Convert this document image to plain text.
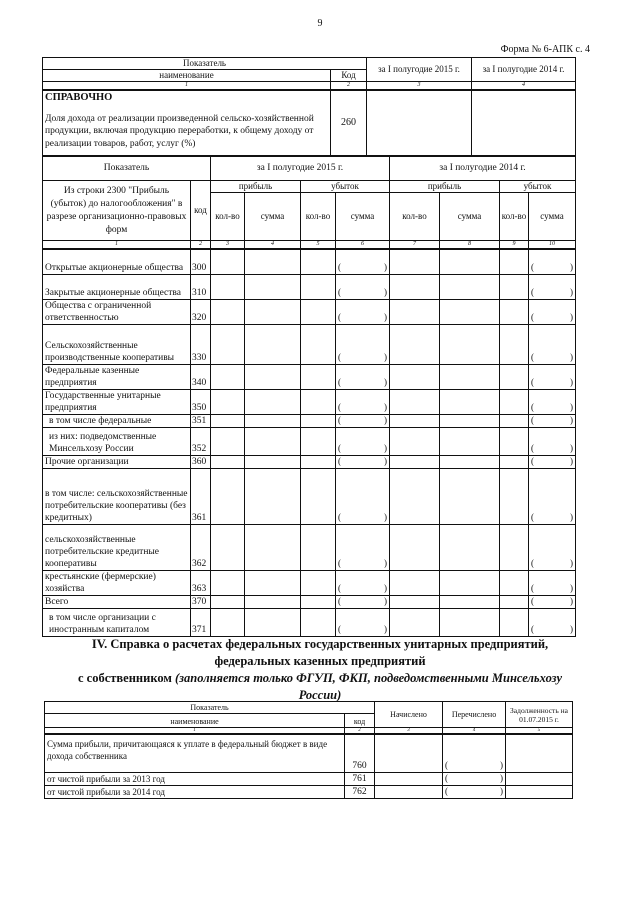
9
Форма № 6-АПК с. 4
Показатель		за I полугодие 2015 г.	за I полугодие 2014 г.
наименование	Код		
1	2	3	4

СПРАВОЧНО
Доля дохода от реализации произведенной сельско-хозяйственной продукции, включая продукцию переработки, к общему доходу от реализации товаров, работ, услуг (%)	260		
Показатель		за I полугодие 2015 г.				за I полугодие 2014 г.			
Из строки 2300 "Прибыль (убыток) до налогообложения" в разрезе организационно-правовых форм	код	прибыль		убыток		прибыль		убыток	
		кол-во	сумма	кол-во	сумма	кол-во	сумма	кол-во	сумма
1	2	3	4	5	6	7	8	9	10
Открытые акционерные общества	300				( )				( )

Закрытые акционерные общества	310				( )				( )

Общества с ограниченной ответственностью	320				( )				( )

Сельскохозяйственные производственные кооперативы	330				( )				( )

Федеральные казенные предприятия	340				( )				( )

Государственные унитарные предприятия	350				( )				( )

в том числе федеральные	351				( )				( )

из них: подведомственные Минсельхозу России	352				( )				( )

Прочие организации	360				( )				( )

в том числе: сельскохозяйственные потребительские кооперативы (без кредитных)	361				( )				( )

сельскохозяйственные потребительские кредитные кооперативы	362				( )				( )

крестьянские (фермерские) хозяйства	363				( )				( )

Всего	370				( )				( )

в том числе организации с иностранным капиталом	371				( )				( )
IV. Справка о расчетах федеральных государственных унитарных предприятий,
федеральных казенных предприятий
с собственником (заполняется только ФГУП, ФКП, подведомственными Минсельхозу
России)
Показатель		Начислено	Перечислено	Задолженность на 01.07.2015 г.
наименование	код			
1	2	3	4	5
Сумма прибыли, причитающаяся к уплате в федеральный бюджет в виде дохода собственника	760		( )	

от чистой прибыли за 2013 год	761		( )	

от чистой прибыли за 2014 год	762		( )	
